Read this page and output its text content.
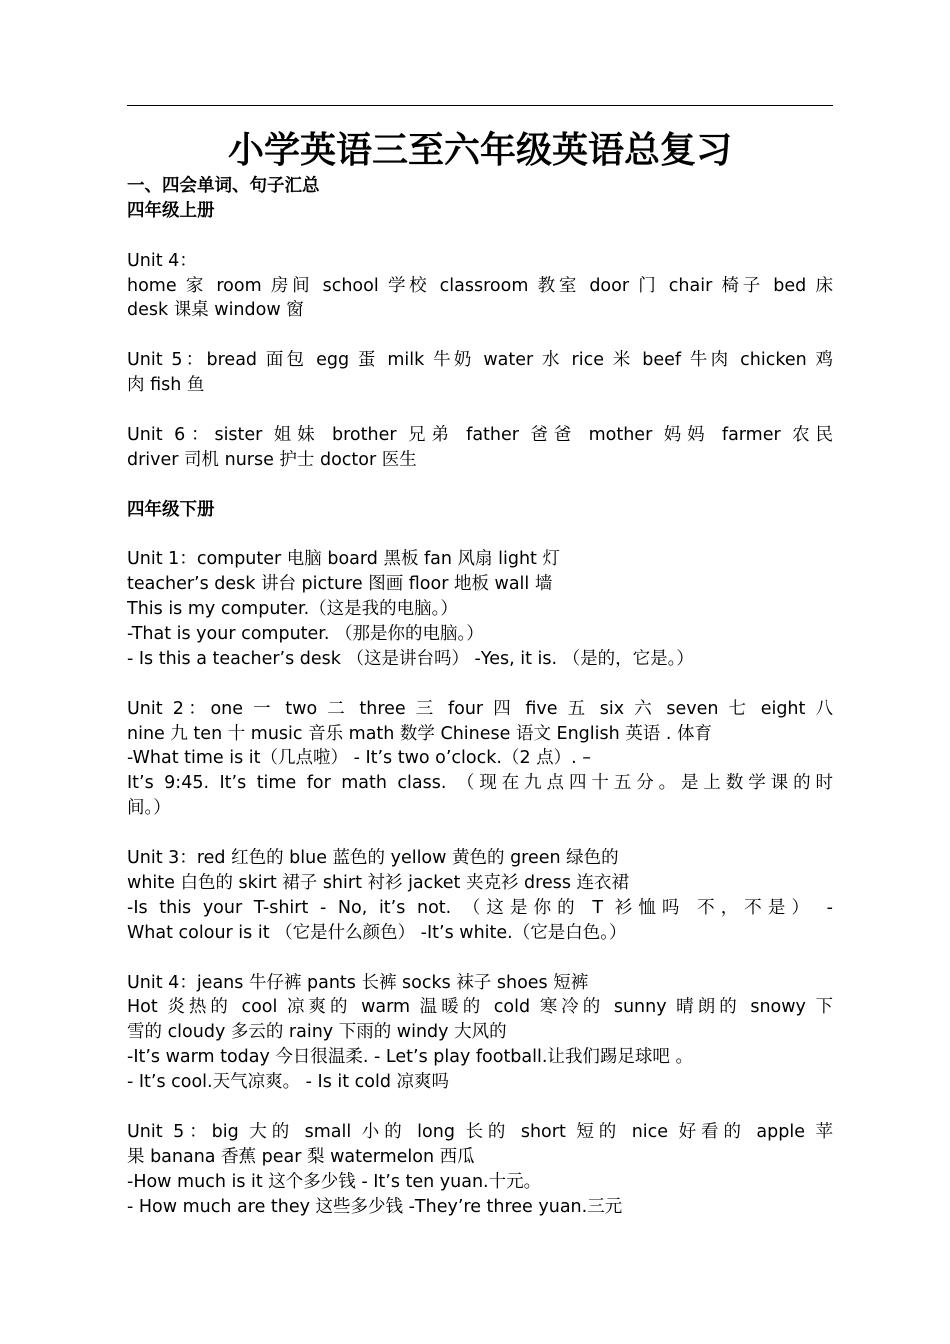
小学英语三至六年级英语总复习
一、四会单词、句子汇总
四年级上册
Unit 4：
home 家 room 房间 school 学校 classroom 教室 door 门 chair 椅子 bed 床
desk 课桌 window 窗
Unit 5：bread 面包 egg 蛋 milk 牛奶 water 水 rice 米 beef 牛肉 chicken 鸡
肉 fish 鱼
Unit 6：sister 姐妹 brother 兄弟 father 爸爸 mother 妈妈 farmer 农民
driver 司机 nurse 护士 doctor 医生
四年级下册
Unit 1：computer 电脑 board 黑板 fan 风扇 light 灯
teacher’s desk 讲台 picture 图画 floor 地板 wall 墙
This is my computer.（这是我的电脑。）
-That is your computer. （那是你的电脑。）
- Is this a teacher’s desk （这是讲台吗） -Yes, it is. （是的，它是。）
Unit 2：one 一 two 二 three 三 four 四 five 五 six 六 seven 七 eight 八
nine 九 ten 十 music 音乐 math 数学 Chinese 语文 English 英语 . 体育
-What time is it（几点啦） - It’s two o’clock.（2 点）. –
It’s 9:45. It’s time for math class. （现在九点四十五分。是上数学课的时
间。）
Unit 3：red 红色的 blue 蓝色的 yellow 黄色的 green 绿色的
white 白色的 skirt 裙子 shirt 衬衫 jacket 夹克衫 dress 连衣裙
-Is this your T-shirt - No, it’s not. （这是你的 T 衫恤吗 不，不是） -
What colour is it （它是什么颜色） -It’s white.（它是白色。）
Unit 4：jeans 牛仔裤 pants 长裤 socks 袜子 shoes 短裤
Hot 炎热的 cool 凉爽的 warm 温暖的 cold 寒冷的 sunny 晴朗的 snowy 下
雪的 cloudy 多云的 rainy 下雨的 windy 大风的
-It’s warm today 今日很温柔. - Let’s play football.让我们踢足球吧 。
- It’s cool.天气凉爽。 - Is it cold 凉爽吗
Unit 5：big 大的 small 小的 long 长的 short 短的 nice 好看的 apple 苹
果 banana 香蕉 pear 梨 watermelon 西瓜
-How much is it 这个多少钱 - It’s ten yuan.十元。
- How much are they 这些多少钱 -They’re three yuan.三元
